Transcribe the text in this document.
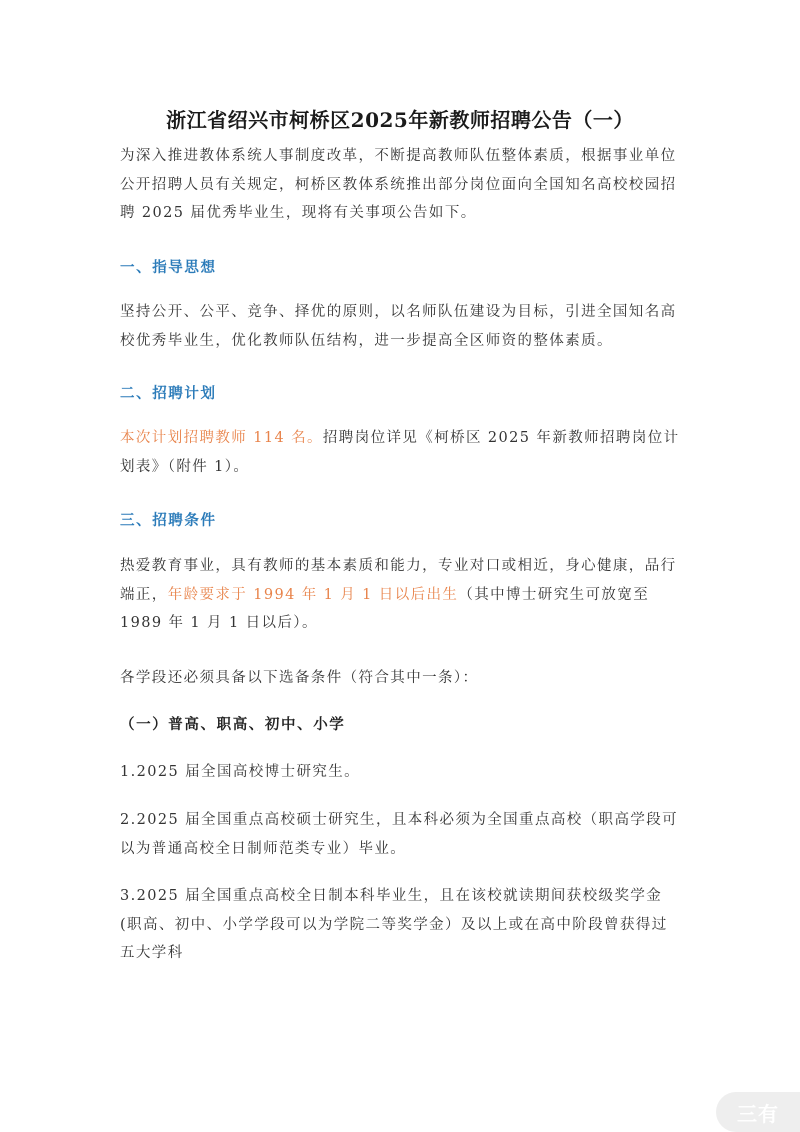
浙江省绍兴市柯桥区2025年新教师招聘公告（一）
为深入推进教体系统人事制度改革，不断提高教师队伍整体素质，根据事业单位公开招聘人员有关规定，柯桥区教体系统推出部分岗位面向全国知名高校校园招聘 2025 届优秀毕业生，现将有关事项公告如下。
一、指导思想
坚持公开、公平、竞争、择优的原则，以名师队伍建设为目标，引进全国知名高校优秀毕业生，优化教师队伍结构，进一步提高全区师资的整体素质。
二、招聘计划
本次计划招聘教师 114 名。招聘岗位详见《柯桥区 2025 年新教师招聘岗位计划表》（附件 1）。
三、招聘条件
热爱教育事业，具有教师的基本素质和能力，专业对口或相近，身心健康，品行端正，年龄要求于 1994 年 1 月 1 日以后出生（其中博士研究生可放宽至 1989 年 1 月 1 日以后）。
各学段还必须具备以下选备条件（符合其中一条）：
（一）普高、职高、初中、小学
1.2025 届全国高校博士研究生。
2.2025 届全国重点高校硕士研究生，且本科必须为全国重点高校（职高学段可以为普通高校全日制师范类专业）毕业。
3.2025 届全国重点高校全日制本科毕业生，且在该校就读期间获校级奖学金(职高、初中、小学学段可以为学院二等奖学金）及以上或在高中阶段曾获得过五大学科
三有
